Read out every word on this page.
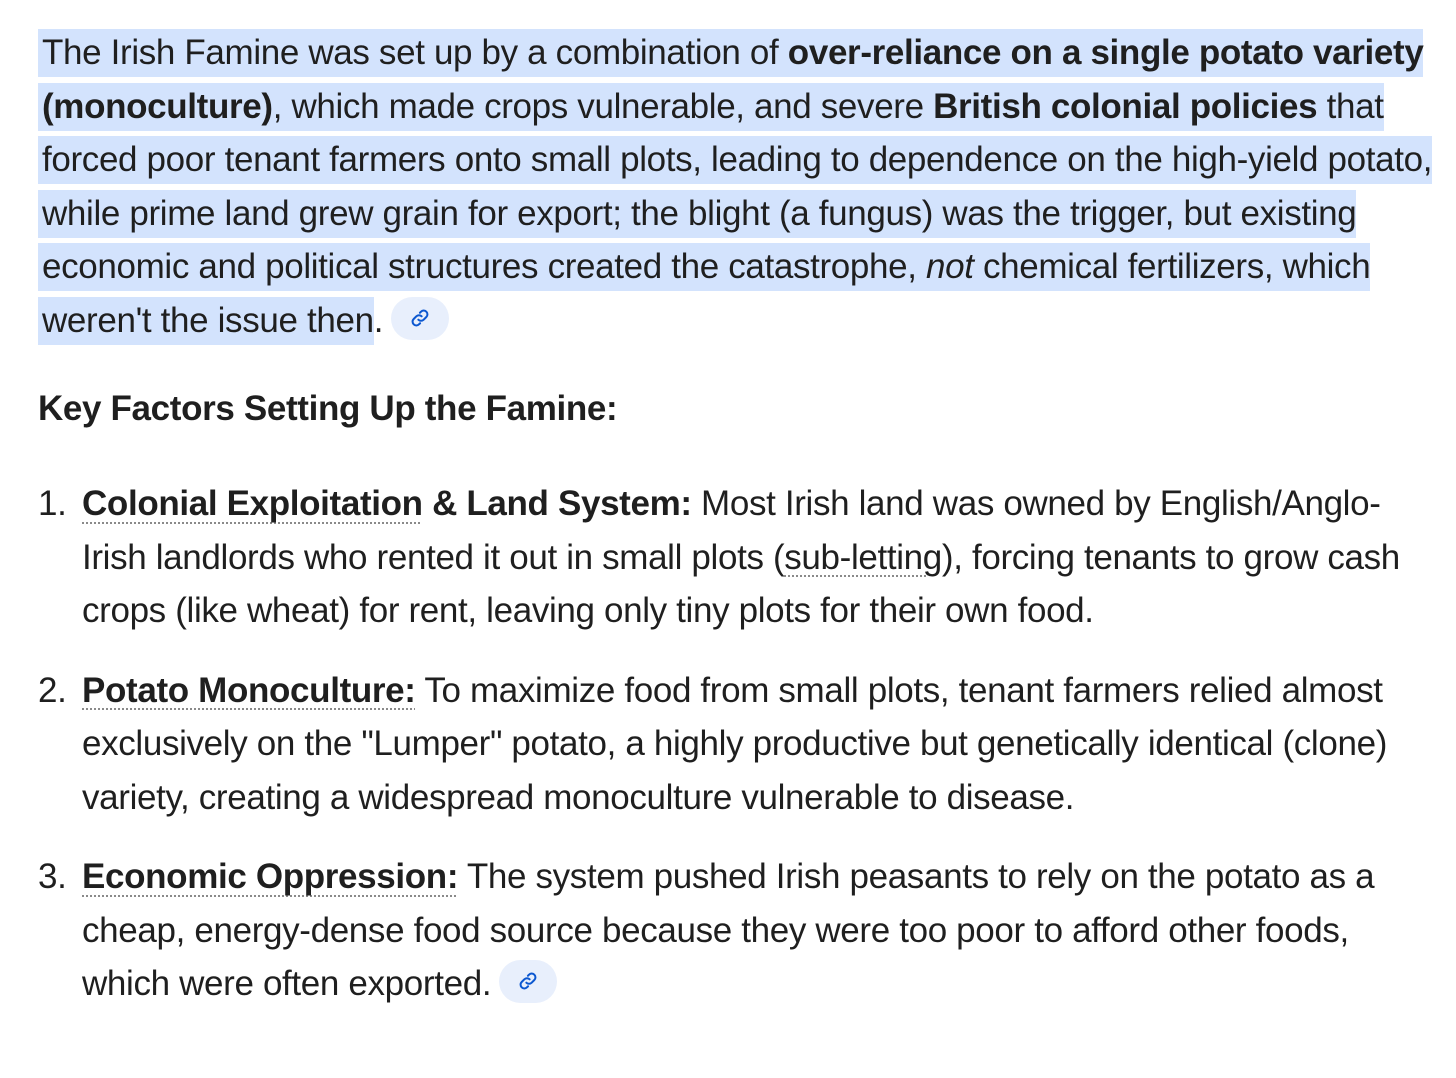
The Irish Famine was set up by a combination of over-reliance on a single potato variety (monoculture), which made crops vulnerable, and severe British colonial policies that forced poor tenant farmers onto small plots, leading to dependence on the high-yield potato, while prime land grew grain for export; the blight (a fungus) was the trigger, but existing economic and political structures created the catastrophe, not chemical fertilizers, which weren't the issue then.

Key Factors Setting Up the Famine:
1. Colonial Exploitation & Land System: Most Irish land was owned by English/Anglo-Irish landlords who rented it out in small plots (sub-letting), forcing tenants to grow cash crops (like wheat) for rent, leaving only tiny plots for their own food.
2. Potato Monoculture: To maximize food from small plots, tenant farmers relied almost exclusively on the "Lumper" potato, a highly productive but genetically identical (clone) variety, creating a widespread monoculture vulnerable to disease.
3. Economic Oppression: The system pushed Irish peasants to rely on the potato as a cheap, energy-dense food source because they were too poor to afford other foods, which were often exported.
